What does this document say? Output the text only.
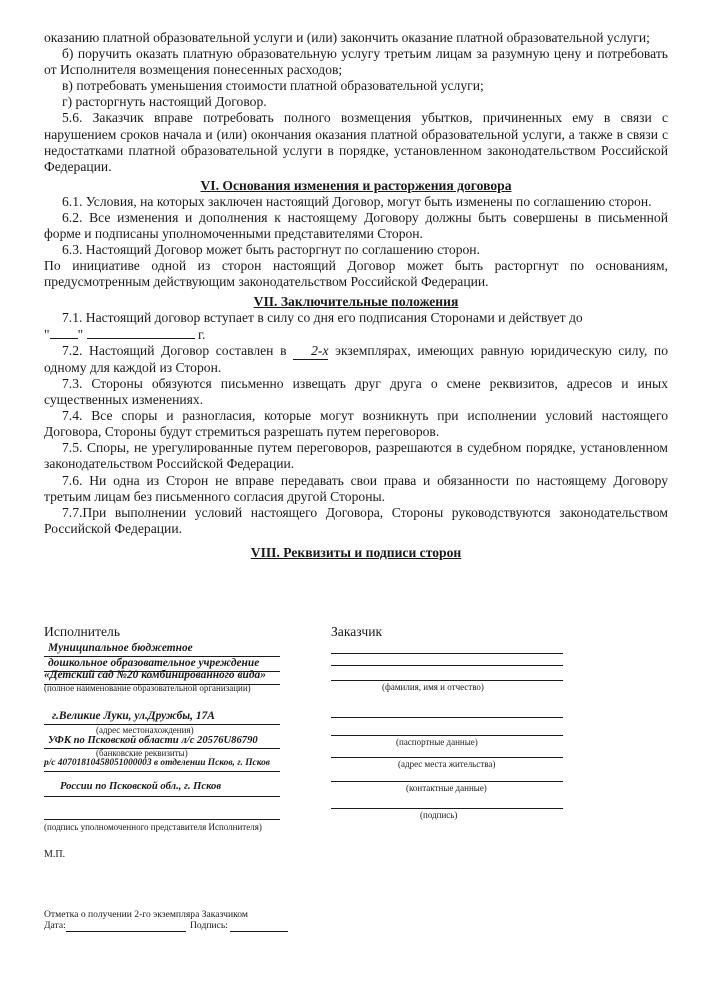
оказанию платной образовательной услуги и (или) закончить оказание платной образовательной услуги;

б) поручить оказать платную образовательную услугу третьим лицам за разумную цену и потребовать от Исполнителя возмещения понесенных расходов;

в) потребовать уменьшения стоимости платной образовательной услуги;

г) расторгнуть настоящий Договор.

5.6. Заказчик вправе потребовать полного возмещения убытков, причиненных ему в связи с нарушением сроков начала и (или) окончания оказания платной образовательной услуги, а также в связи с недостатками платной образовательной услуги в порядке, установленном законодательством Российской Федерации.

VI. Основания изменения и расторжения договора

6.1. Условия, на которых заключен настоящий Договор, могут быть изменены по соглашению сторон.

6.2. Все изменения и дополнения к настоящему Договору должны быть совершены в письменной форме и подписаны уполномоченными представителями Сторон.

6.3. Настоящий Договор может быть расторгнут по соглашению сторон.

По инициативе одной из сторон настоящий Договор может быть расторгнут по основаниям, предусмотренным действующим законодательством Российской Федерации.

VII. Заключительные положения

7.1. Настоящий договор вступает в силу со дня его подписания Сторонами и действует до

" "	г.

7.2. Настоящий Договор составлен в 2-х экземплярах, имеющих равную юридическую силу, по одному для каждой из Сторон.

7.3. Стороны обязуются письменно извещать друг друга о смене реквизитов, адресов и иных существенных изменениях.

7.4. Все споры и разногласия, которые могут возникнуть при исполнении условий настоящего Договора, Стороны будут стремиться разрешать путем переговоров.

7.5. Споры, не урегулированные путем переговоров, разрешаются в судебном порядке, установленном законодательством Российской Федерации.

7.6. Ни одна из Сторон не вправе передавать свои права и обязанности по настоящему Договору третьим лицам без письменного согласия другой Стороны.

7.7.При выполнении условий настоящего Договора, Стороны руководствуются законодательством Российской Федерации.

VIII. Реквизиты и подписи сторон

Исполнитель
Муниципальное бюджетное
дошкольное образовательное учреждение
«Детский сад №20 комбинированного вида»
(полное наименование образовательной организации)
г.Великие Луки, ул.Дружбы, 17А
(адрес местонахождения)
УФК по Псковской области л/с 20576U86790
(банковские реквизиты)
р/с 40701810458051000003 в отделении Псков, г. Псков
России по Псковской обл., г. Псков
(подпись уполномоченного представителя Исполнителя)
М.П.
Заказчик
(фамилия, имя и отчество)
(паспортные данные)
(адрес места жительства)
(контактные данные)
(подпись)
Отметка о получении 2-го экземпляра Заказчиком
Дата:	Подпись:
